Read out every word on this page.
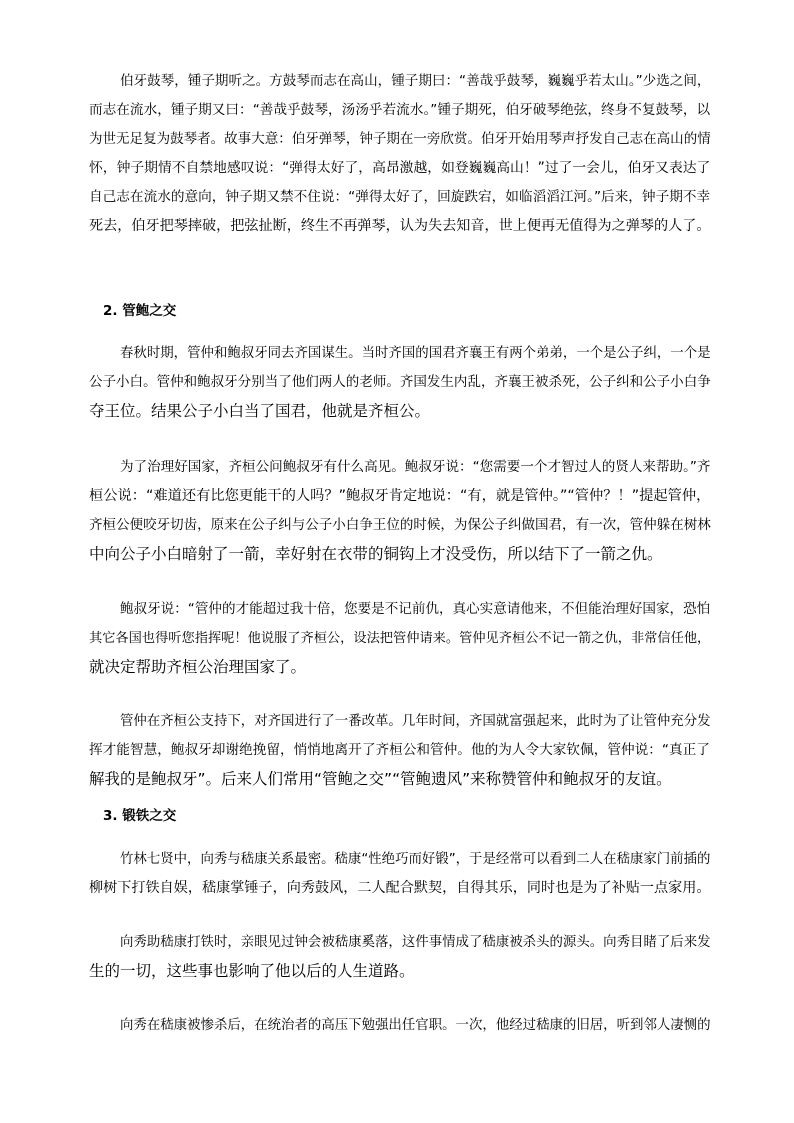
伯牙鼓琴，锺子期听之。方鼓琴而志在高山，锺子期曰：“善哉乎鼓琴，巍巍乎若太山。”少选之间，
而志在流水，锺子期又曰：“善哉乎鼓琴，汤汤乎若流水。”锺子期死，伯牙破琴绝弦，终身不复鼓琴，以
为世无足复为鼓琴者。故事大意：伯牙弹琴，钟子期在一旁欣赏。伯牙开始用琴声抒发自己志在高山的情
怀，钟子期情不自禁地感叹说：“弹得太好了，高昂激越，如登巍巍高山！”过了一会儿，伯牙又表达了
自己志在流水的意向，钟子期又禁不住说：“弹得太好了，回旋跌宕，如临滔滔江河。”后来，钟子期不幸
死去，伯牙把琴摔破，把弦扯断，终生不再弹琴，认为失去知音，世上便再无值得为之弹琴的人了。
2. 管鲍之交
春秋时期，管仲和鲍叔牙同去齐国谋生。当时齐国的国君齐襄王有两个弟弟，一个是公子纠，一个是
公子小白。管仲和鲍叔牙分别当了他们两人的老师。齐国发生内乱，齐襄王被杀死，公子纠和公子小白争
夺王位。结果公子小白当了国君，他就是齐桓公。
为了治理好国家，齐桓公问鲍叔牙有什么高见。鲍叔牙说：“您需要一个才智过人的贤人来帮助。”齐
桓公说：“难道还有比您更能干的人吗？”鲍叔牙肯定地说：“有，就是管仲。”“管仲？！”提起管仲，
齐桓公便咬牙切齿，原来在公子纠与公子小白争王位的时候，为保公子纠做国君，有一次，管仲躲在树林
中向公子小白暗射了一箭，幸好射在衣带的铜钩上才没受伤，所以结下了一箭之仇。
鲍叔牙说：“管仲的才能超过我十倍，您要是不记前仇，真心实意请他来，不但能治理好国家，恐怕
其它各国也得听您指挥呢！他说服了齐桓公，设法把管仲请来。管仲见齐桓公不记一箭之仇，非常信任他，
就决定帮助齐桓公治理国家了。
管仲在齐桓公支持下，对齐国进行了一番改革。几年时间，齐国就富强起来，此时为了让管仲充分发
挥才能智慧，鲍叔牙却谢绝挽留，悄悄地离开了齐桓公和管仲。他的为人令大家钦佩，管仲说：“真正了
解我的是鲍叔牙”。后来人们常用“管鲍之交”“管鲍遗风”来称赞管仲和鲍叔牙的友谊。
3. 锻铁之交
竹林七贤中，向秀与嵇康关系最密。嵇康“性绝巧而好锻”，于是经常可以看到二人在嵇康家门前插的
柳树下打铁自娱，嵇康掌锤子，向秀鼓风，二人配合默契，自得其乐，同时也是为了补贴一点家用。
向秀助嵇康打铁时，亲眼见过钟会被嵇康奚落，这件事情成了嵇康被杀头的源头。向秀目睹了后来发
生的一切，这些事也影响了他以后的人生道路。
向秀在嵇康被惨杀后，在统治者的高压下勉强出任官职。一次，他经过嵇康的旧居，听到邻人凄恻的
